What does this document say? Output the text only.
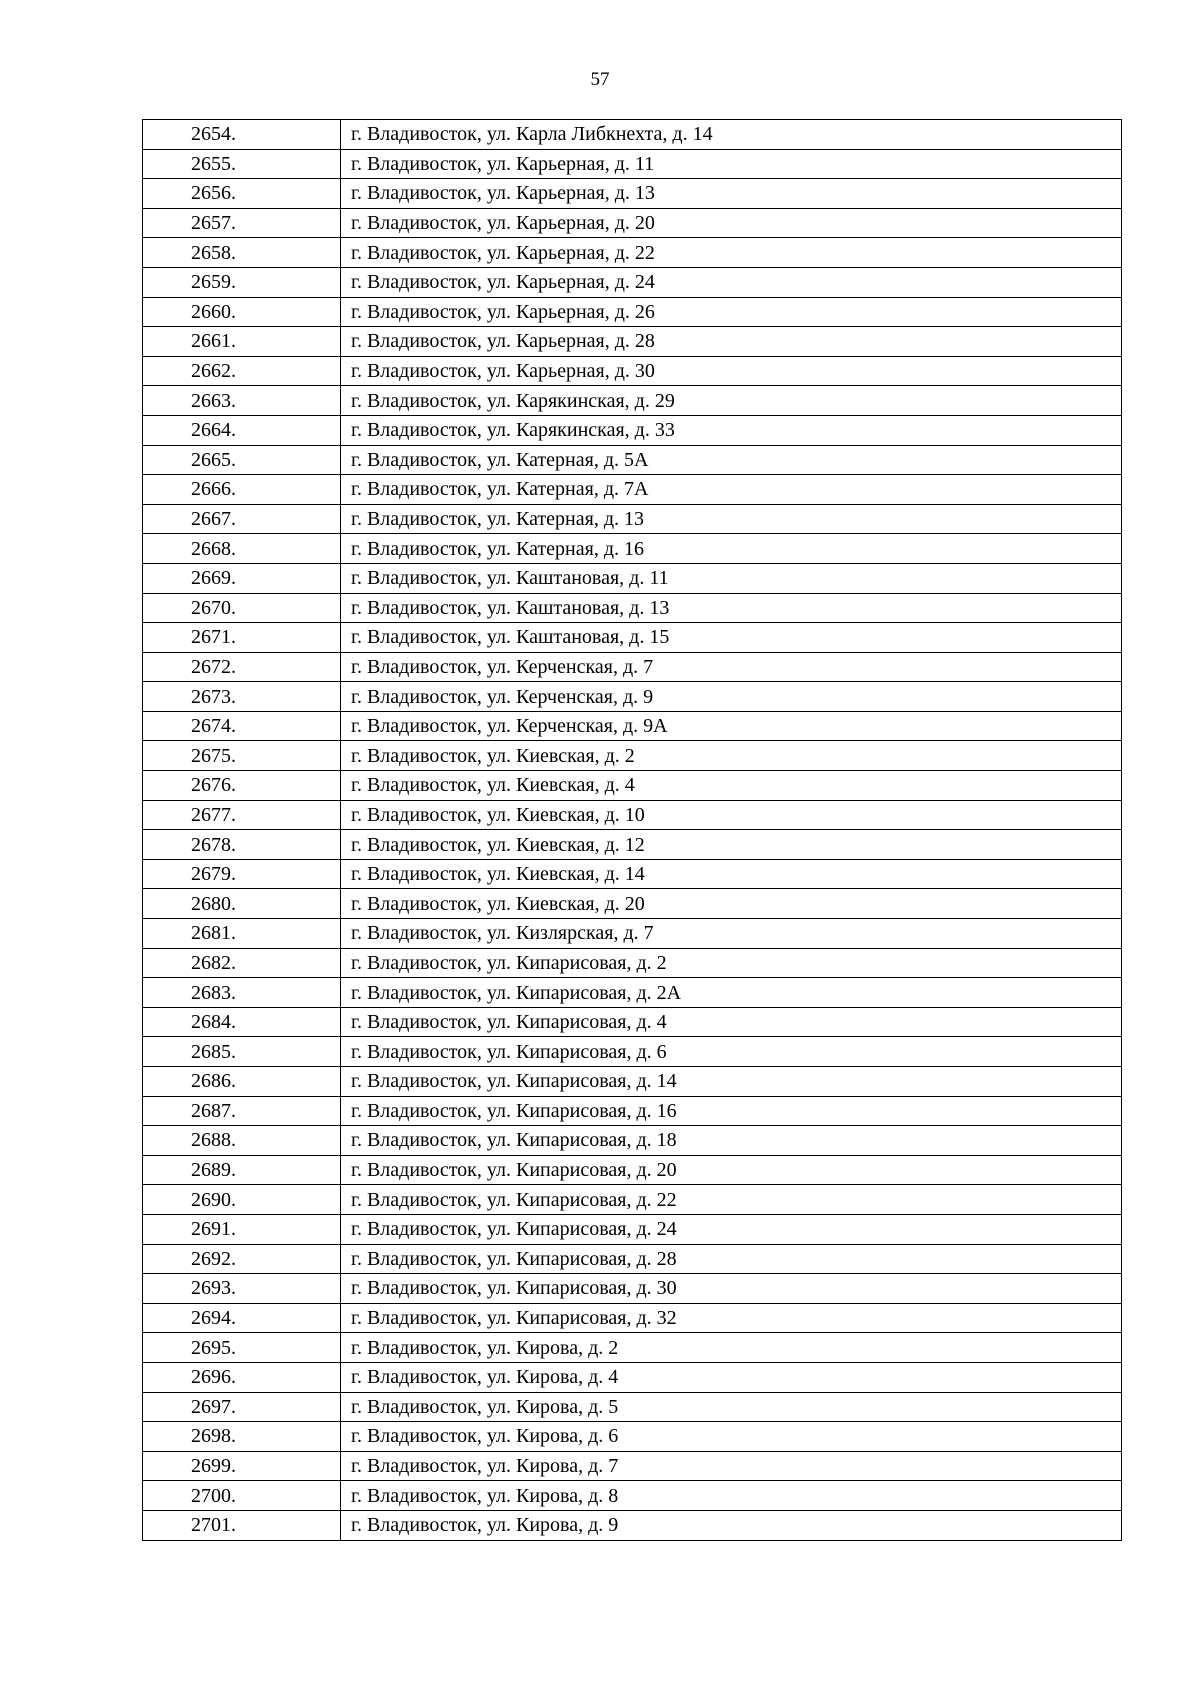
57
2654.	г. Владивосток, ул. Карла Либкнехта, д. 14
2655.	г. Владивосток, ул. Карьерная, д. 11
2656.	г. Владивосток, ул. Карьерная, д. 13
2657.	г. Владивосток, ул. Карьерная, д. 20
2658.	г. Владивосток, ул. Карьерная, д. 22
2659.	г. Владивосток, ул. Карьерная, д. 24
2660.	г. Владивосток, ул. Карьерная, д. 26
2661.	г. Владивосток, ул. Карьерная, д. 28
2662.	г. Владивосток, ул. Карьерная, д. 30
2663.	г. Владивосток, ул. Карякинская, д. 29
2664.	г. Владивосток, ул. Карякинская, д. 33
2665.	г. Владивосток, ул. Катерная, д. 5А
2666.	г. Владивосток, ул. Катерная, д. 7А
2667.	г. Владивосток, ул. Катерная, д. 13
2668.	г. Владивосток, ул. Катерная, д. 16
2669.	г. Владивосток, ул. Каштановая, д. 11
2670.	г. Владивосток, ул. Каштановая, д. 13
2671.	г. Владивосток, ул. Каштановая, д. 15
2672.	г. Владивосток, ул. Керченская, д. 7
2673.	г. Владивосток, ул. Керченская, д. 9
2674.	г. Владивосток, ул. Керченская, д. 9А
2675.	г. Владивосток, ул. Киевская, д. 2
2676.	г. Владивосток, ул. Киевская, д. 4
2677.	г. Владивосток, ул. Киевская, д. 10
2678.	г. Владивосток, ул. Киевская, д. 12
2679.	г. Владивосток, ул. Киевская, д. 14
2680.	г. Владивосток, ул. Киевская, д. 20
2681.	г. Владивосток, ул. Кизлярская, д. 7
2682.	г. Владивосток, ул. Кипарисовая, д. 2
2683.	г. Владивосток, ул. Кипарисовая, д. 2А
2684.	г. Владивосток, ул. Кипарисовая, д. 4
2685.	г. Владивосток, ул. Кипарисовая, д. 6
2686.	г. Владивосток, ул. Кипарисовая, д. 14
2687.	г. Владивосток, ул. Кипарисовая, д. 16
2688.	г. Владивосток, ул. Кипарисовая, д. 18
2689.	г. Владивосток, ул. Кипарисовая, д. 20
2690.	г. Владивосток, ул. Кипарисовая, д. 22
2691.	г. Владивосток, ул. Кипарисовая, д. 24
2692.	г. Владивосток, ул. Кипарисовая, д. 28
2693.	г. Владивосток, ул. Кипарисовая, д. 30
2694.	г. Владивосток, ул. Кипарисовая, д. 32
2695.	г. Владивосток, ул. Кирова, д. 2
2696.	г. Владивосток, ул. Кирова, д. 4
2697.	г. Владивосток, ул. Кирова, д. 5
2698.	г. Владивосток, ул. Кирова, д. 6
2699.	г. Владивосток, ул. Кирова, д. 7
2700.	г. Владивосток, ул. Кирова, д. 8
2701.	г. Владивосток, ул. Кирова, д. 9
